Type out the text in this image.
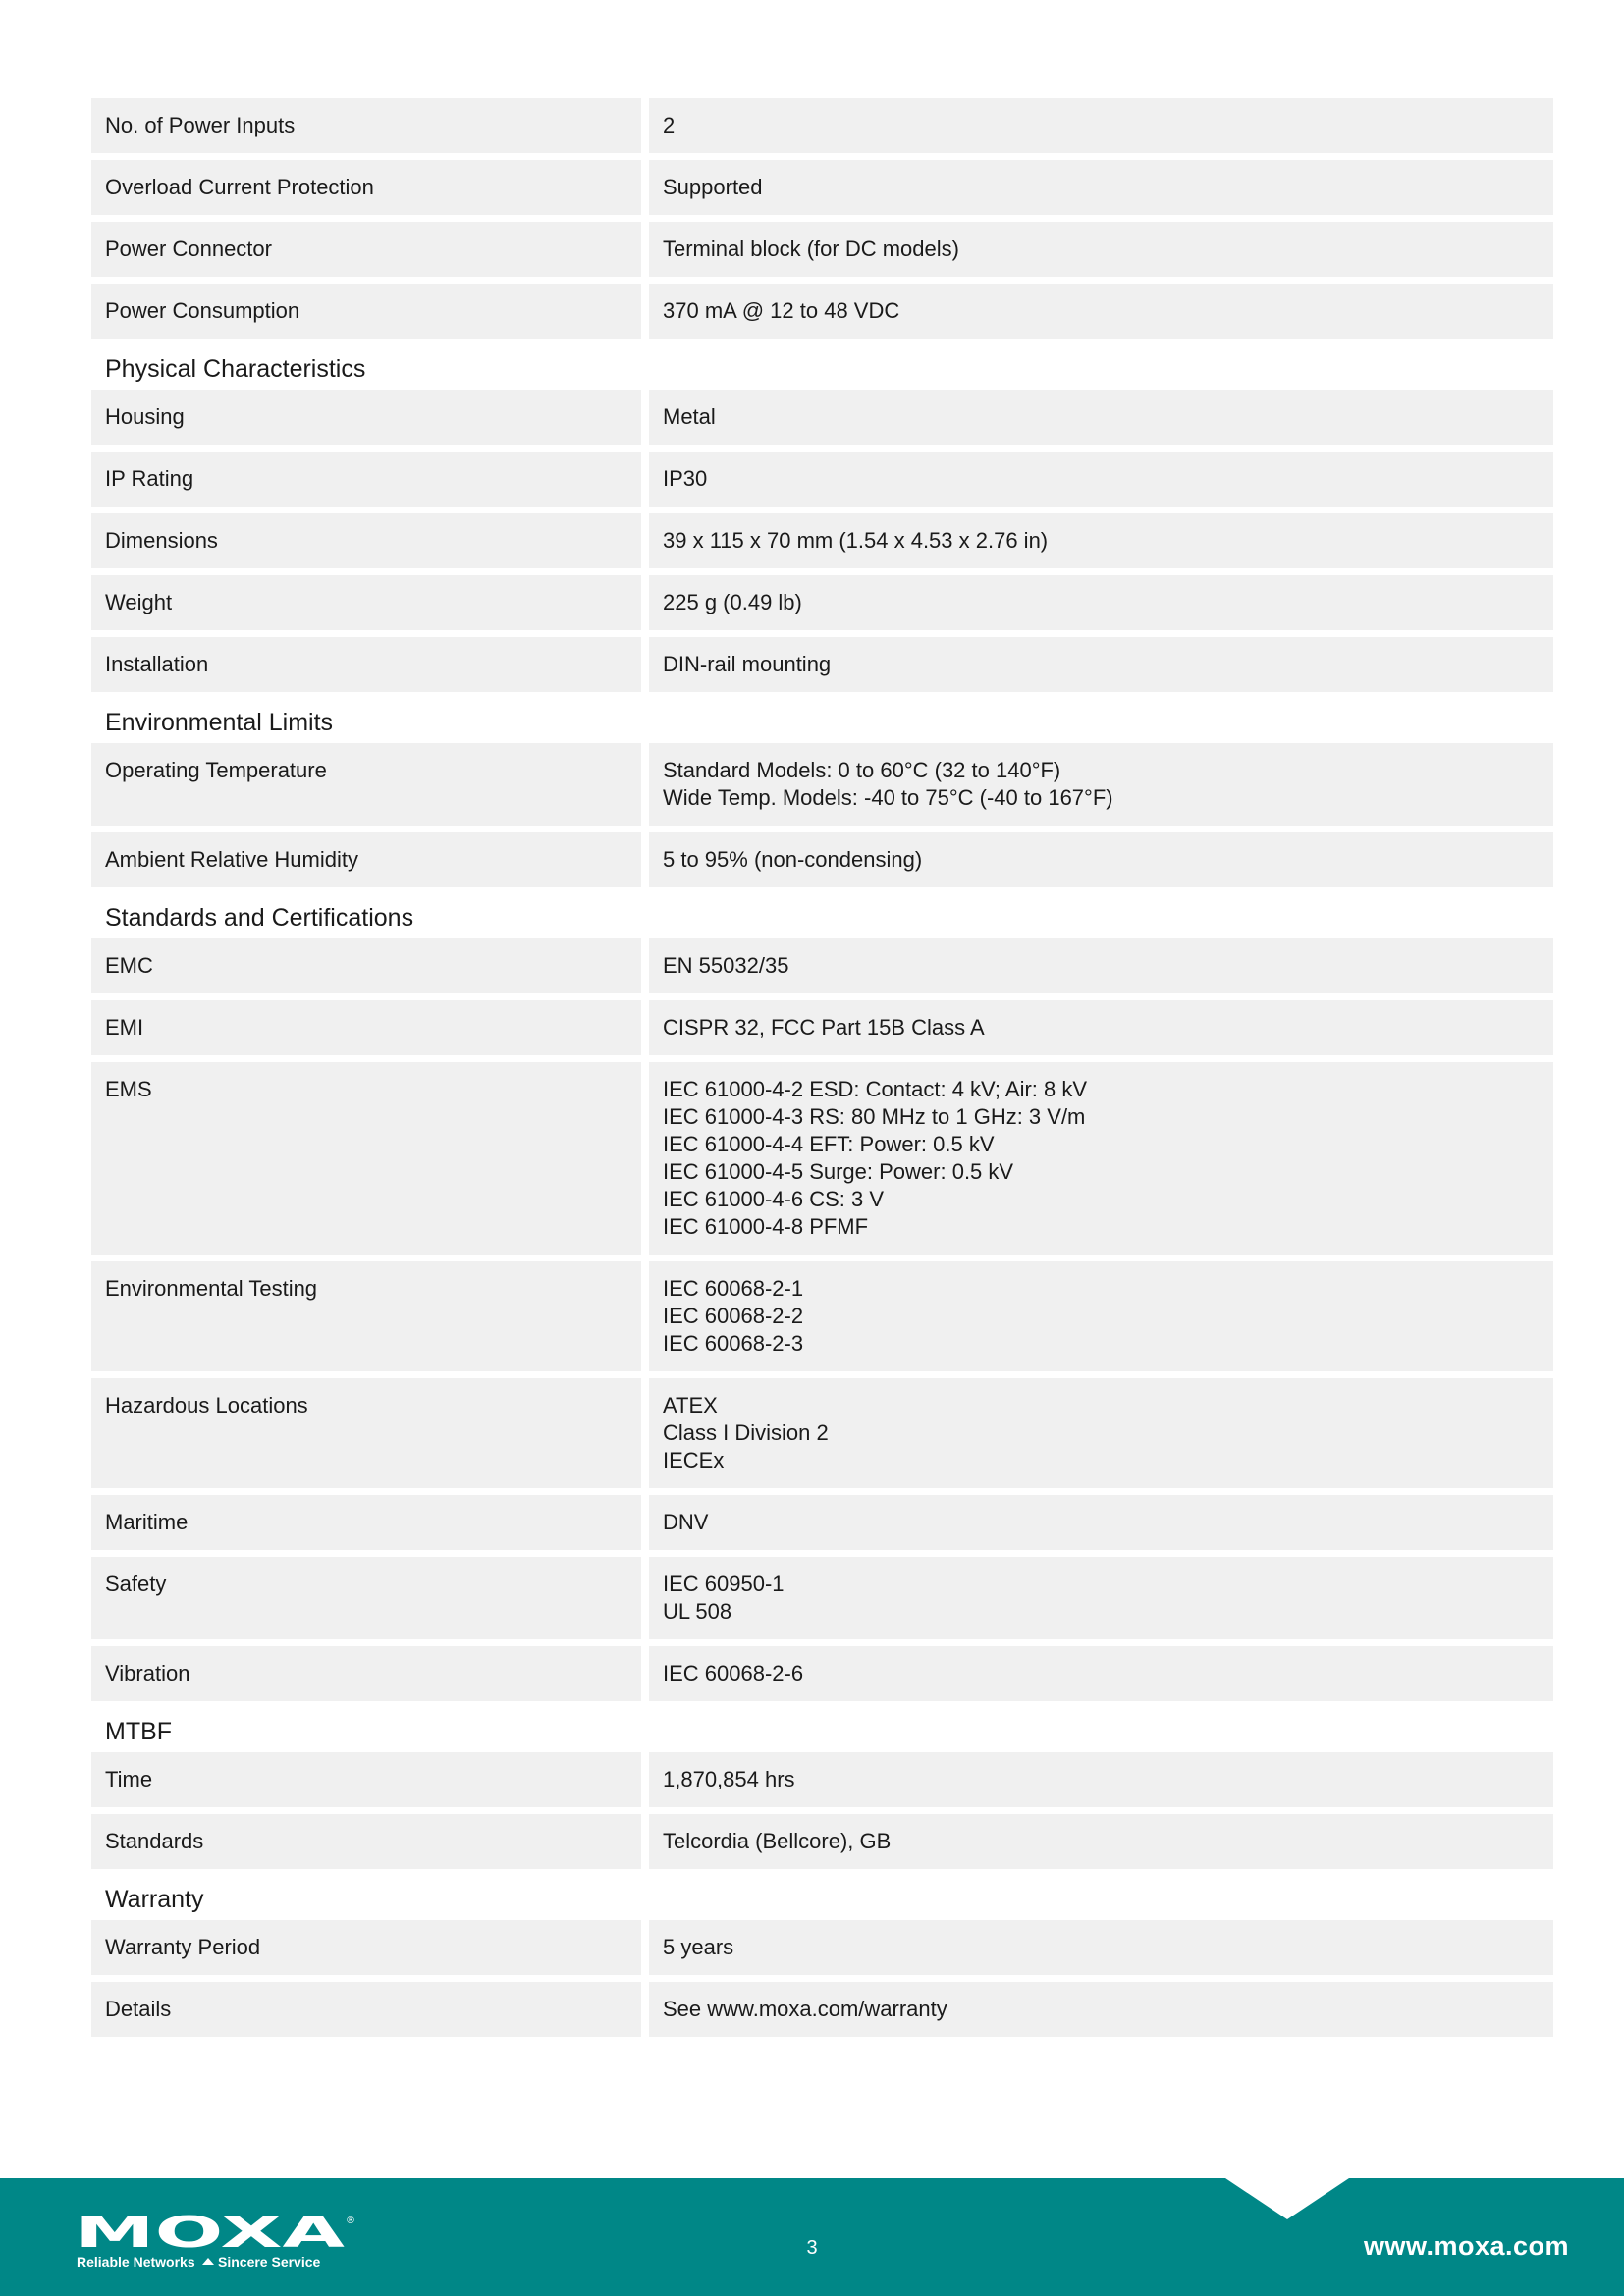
No. of Power Inputs	2
Overload Current Protection	Supported
Power Connector	Terminal block (for DC models)
Power Consumption	370 mA @ 12 to 48 VDC
Physical Characteristics
Housing	Metal
IP Rating	IP30
Dimensions	39 x 115 x 70 mm (1.54 x 4.53 x 2.76 in)
Weight	225 g (0.49 lb)
Installation	DIN-rail mounting
Environmental Limits
Operating Temperature	Standard Models: 0 to 60°C (32 to 140°F)
Wide Temp. Models: -40 to 75°C (-40 to 167°F)
Ambient Relative Humidity	5 to 95% (non-condensing)
Standards and Certifications
EMC	EN 55032/35
EMI	CISPR 32, FCC Part 15B Class A
EMS	IEC 61000-4-2 ESD: Contact: 4 kV; Air: 8 kV
IEC 61000-4-3 RS: 80 MHz to 1 GHz: 3 V/m
IEC 61000-4-4 EFT: Power: 0.5 kV
IEC 61000-4-5 Surge: Power: 0.5 kV
IEC 61000-4-6 CS: 3 V
IEC 61000-4-8 PFMF
Environmental Testing	IEC 60068-2-1
IEC 60068-2-2
IEC 60068-2-3
Hazardous Locations	ATEX
Class I Division 2
IECEx
Maritime	DNV
Safety	IEC 60950-1
UL 508
Vibration	IEC 60068-2-6
MTBF
Time	1,870,854 hrs
Standards	Telcordia (Bellcore), GB
Warranty
Warranty Period	5 years
Details	See www.moxa.com/warranty
MOXA ®
Reliable Networks Sincere Service
3	www.moxa.com
